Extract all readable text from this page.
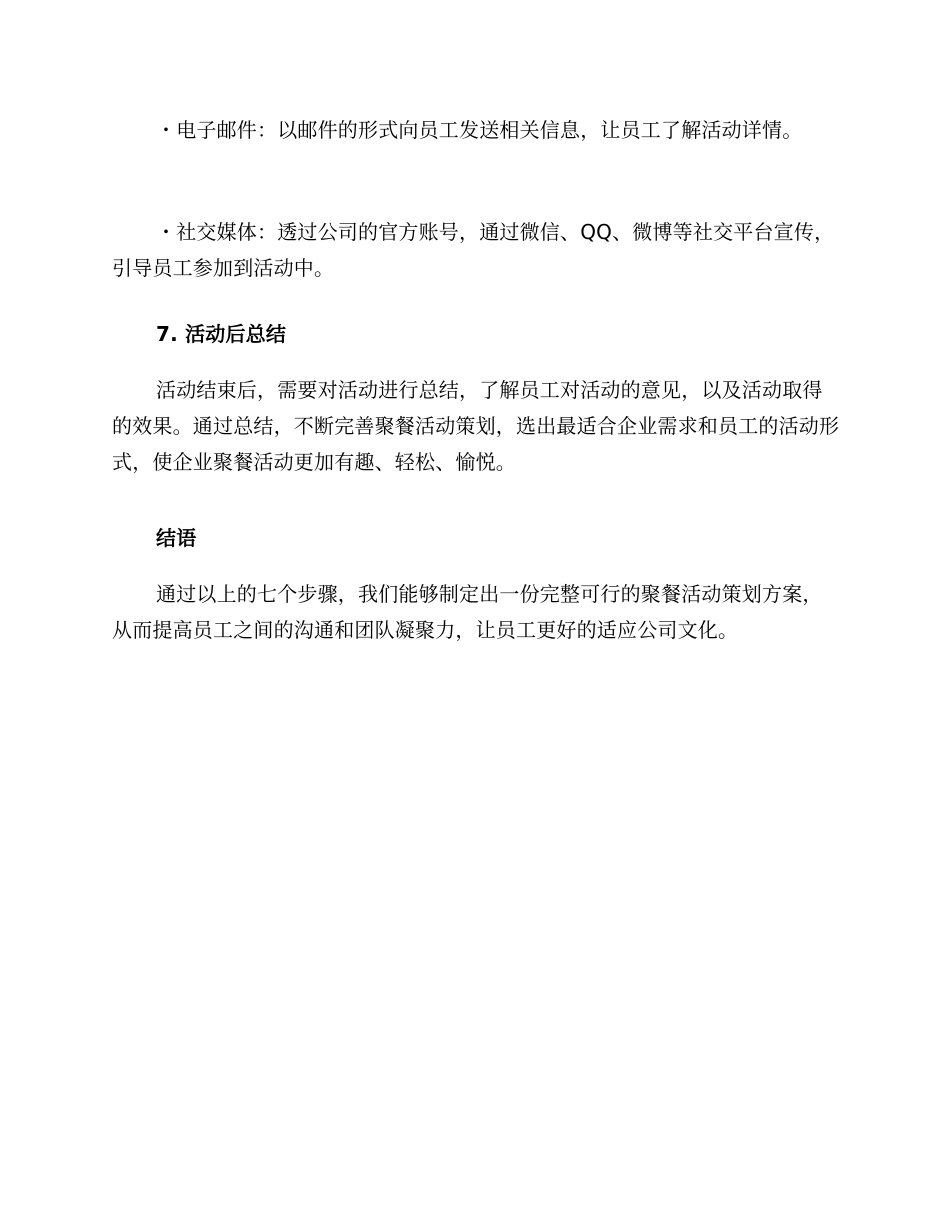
・电子邮件：以邮件的形式向员工发送相关信息，让员工了解活动详情。

・社交媒体：透过公司的官方账号，通过微信、QQ、微博等社交平台宣传，引导员工参加到活动中。

7. 活动后总结

活动结束后，需要对活动进行总结，了解员工对活动的意见，以及活动取得的效果。通过总结，不断完善聚餐活动策划，选出最适合企业需求和员工的活动形式，使企业聚餐活动更加有趣、轻松、愉悦。

结语

通过以上的七个步骤，我们能够制定出一份完整可行的聚餐活动策划方案，从而提高员工之间的沟通和团队凝聚力，让员工更好的适应公司文化。
